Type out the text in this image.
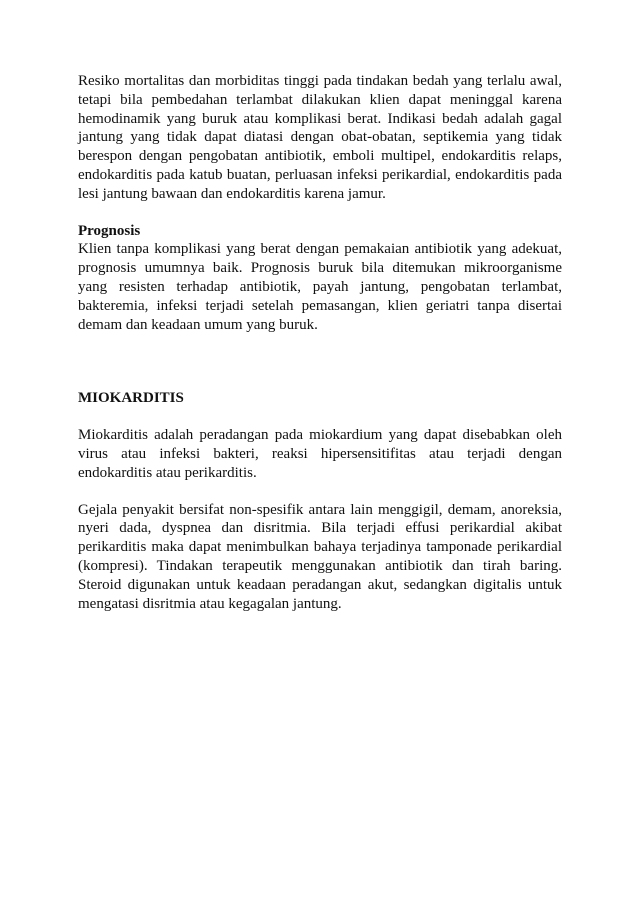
Resiko mortalitas dan morbiditas tinggi pada tindakan bedah yang terlalu awal, tetapi bila pembedahan terlambat dilakukan klien dapat meninggal karena hemodinamik yang buruk atau komplikasi berat. Indikasi bedah adalah gagal jantung yang tidak dapat diatasi dengan obat-obatan, septikemia yang tidak berespon dengan pengobatan antibiotik, emboli multipel, endokarditis relaps, endokarditis pada katub buatan, perluasan infeksi perikardial, endokarditis pada lesi jantung bawaan dan endokarditis karena jamur.

Prognosis

Klien tanpa komplikasi yang berat dengan pemakaian antibiotik yang adekuat, prognosis umumnya baik. Prognosis buruk bila ditemukan mikroorganisme yang resisten terhadap antibiotik, payah jantung, pengobatan terlambat, bakteremia, infeksi terjadi setelah pemasangan, klien geriatri tanpa disertai demam dan keadaan umum yang buruk.

MIOKARDITIS

Miokarditis adalah peradangan pada miokardium yang dapat disebabkan oleh virus atau infeksi bakteri, reaksi hipersensitifitas atau terjadi dengan endokarditis atau perikarditis.

Gejala penyakit bersifat non-spesifik antara lain menggigil, demam, anoreksia, nyeri dada, dyspnea dan disritmia. Bila terjadi effusi perikardial akibat perikarditis maka dapat menimbulkan bahaya terjadinya tamponade perikardial (kompresi). Tindakan terapeutik menggunakan antibiotik dan tirah baring. Steroid digunakan untuk keadaan peradangan akut, sedangkan digitalis untuk mengatasi disritmia atau kegagalan jantung.
